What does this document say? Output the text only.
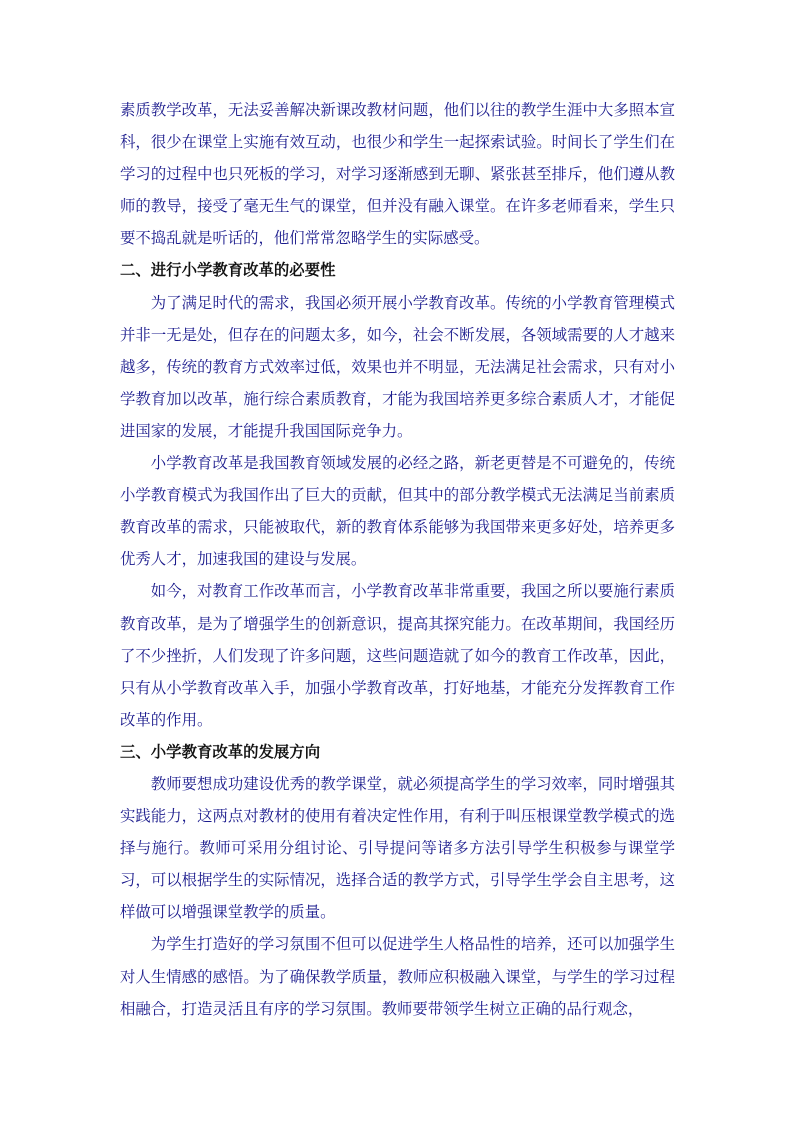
素质教学改革，无法妥善解决新课改教材问题，他们以往的教学生涯中大多照本宣科，很少在课堂上实施有效互动，也很少和学生一起探索试验。时间长了学生们在学习的过程中也只死板的学习，对学习逐渐感到无聊、紧张甚至排斥，他们遵从教师的教导，接受了毫无生气的课堂，但并没有融入课堂。在许多老师看来，学生只要不捣乱就是听话的，他们常常忽略学生的实际感受。

二、进行小学教育改革的必要性

为了满足时代的需求，我国必须开展小学教育改革。传统的小学教育管理模式并非一无是处，但存在的问题太多，如今，社会不断发展，各领域需要的人才越来越多，传统的教育方式效率过低，效果也并不明显，无法满足社会需求，只有对小学教育加以改革，施行综合素质教育，才能为我国培养更多综合素质人才，才能促进国家的发展，才能提升我国国际竞争力。

小学教育改革是我国教育领域发展的必经之路，新老更替是不可避免的，传统小学教育模式为我国作出了巨大的贡献，但其中的部分教学模式无法满足当前素质教育改革的需求，只能被取代，新的教育体系能够为我国带来更多好处，培养更多优秀人才，加速我国的建设与发展。

如今，对教育工作改革而言，小学教育改革非常重要，我国之所以要施行素质教育改革，是为了增强学生的创新意识，提高其探究能力。在改革期间，我国经历了不少挫折，人们发现了许多问题，这些问题造就了如今的教育工作改革，因此，只有从小学教育改革入手，加强小学教育改革，打好地基，才能充分发挥教育工作改革的作用。

三、小学教育改革的发展方向

教师要想成功建设优秀的教学课堂，就必须提高学生的学习效率，同时增强其实践能力，这两点对教材的使用有着决定性作用，有利于叫压根课堂教学模式的选择与施行。教师可采用分组讨论、引导提问等诸多方法引导学生积极参与课堂学习，可以根据学生的实际情况，选择合适的教学方式，引导学生学会自主思考，这样做可以增强课堂教学的质量。

为学生打造好的学习氛围不但可以促进学生人格品性的培养，还可以加强学生对人生情感的感悟。为了确保教学质量，教师应积极融入课堂，与学生的学习过程相融合，打造灵活且有序的学习氛围。教师要带领学生树立正确的品行观念，
